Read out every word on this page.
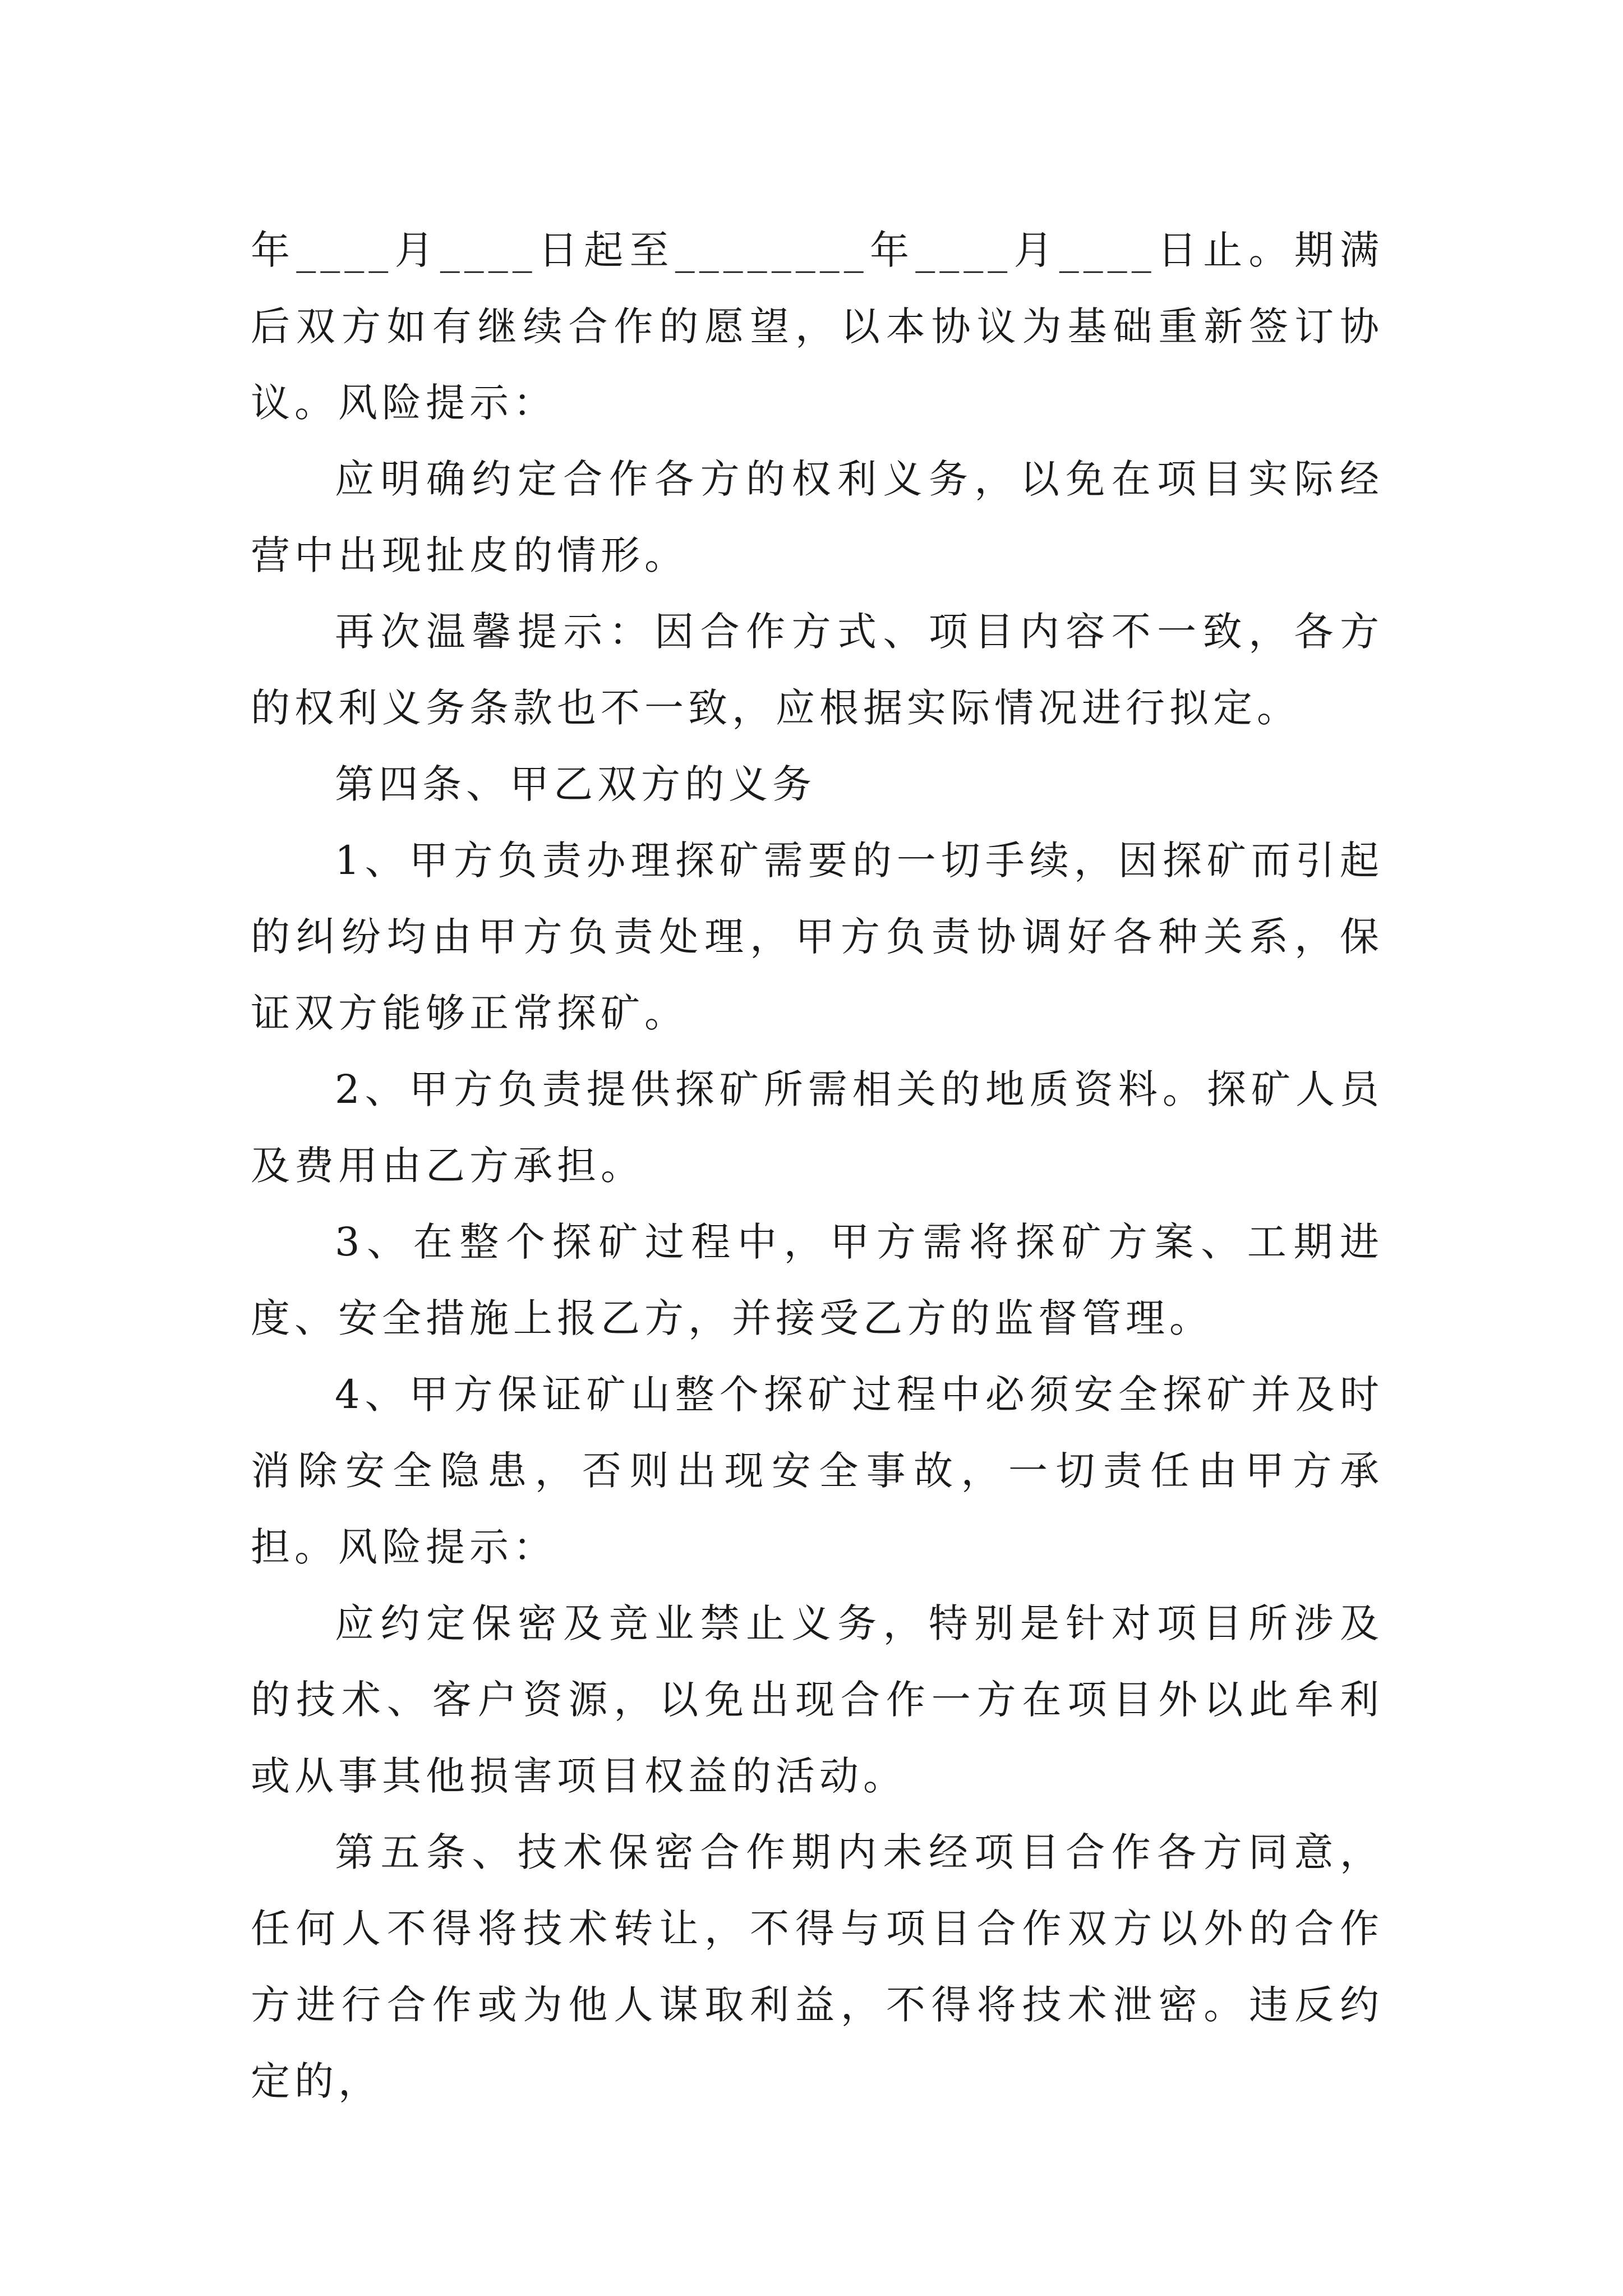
年____月____日起至________年____月____日止。期满后双方如有继续合作的愿望，以本协议为基础重新签订协议。风险提示：

应明确约定合作各方的权利义务，以免在项目实际经营中出现扯皮的情形。

再次温馨提示：因合作方式、项目内容不一致，各方的权利义务条款也不一致，应根据实际情况进行拟定。

第四条、甲乙双方的义务

1、甲方负责办理探矿需要的一切手续，因探矿而引起的纠纷均由甲方负责处理，甲方负责协调好各种关系，保证双方能够正常探矿。

2、甲方负责提供探矿所需相关的地质资料。探矿人员及费用由乙方承担。

3、在整个探矿过程中，甲方需将探矿方案、工期进度、安全措施上报乙方，并接受乙方的监督管理。

4、甲方保证矿山整个探矿过程中必须安全探矿并及时消除安全隐患，否则出现安全事故，一切责任由甲方承担。风险提示：

应约定保密及竞业禁止义务，特别是针对项目所涉及的技术、客户资源，以免出现合作一方在项目外以此牟利或从事其他损害项目权益的活动。

第五条、技术保密合作期内未经项目合作各方同意，任何人不得将技术转让，不得与项目合作双方以外的合作方进行合作或为他人谋取利益，不得将技术泄密。违反约定的，
